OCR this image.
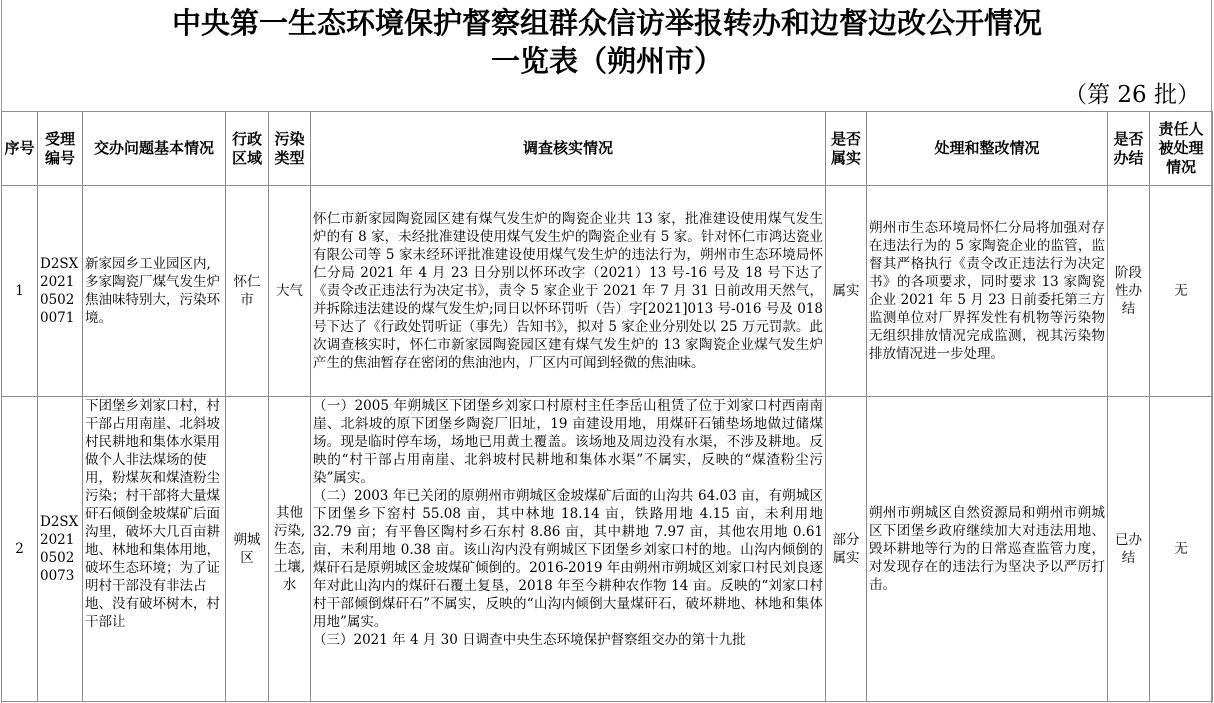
中央第一生态环境保护督察组群众信访举报转办和边督边改公开情况
一览表（朔州市）
（第 26 批）
序号	受理编号	交办问题基本情况	行政区域	污染类型	调查核实情况	是否属实	处理和整改情况	是否办结	责任人被处理情况
1	D2SX202105020071	新家园乡工业园区内,多家陶瓷厂煤气发生炉焦油味特别大，污染环境。	怀仁市	大气	怀仁市新家园陶瓷园区建有煤气发生炉的陶瓷企业共 13 家，批准建设使用煤气发生炉的有 8 家，未经批准建设使用煤气发生炉的陶瓷企业有 5 家。针对怀仁市鸿达瓷业有限公司等 5 家未经环评批准建设使用煤气发生炉的违法行为，朔州市生态环境局怀仁分局 2021 年 4 月 23 日分别以怀环改字（2021）13 号-16 号及 18 号下达了《责令改正违法行为决定书》，责令 5 家企业于 2021 年 7 月 31 日前改用天然气，并拆除违法建设的煤气发生炉;同日以怀环罚听（告）字[2021]013 号-016 号及 018 号下达了《行政处罚听证（事先）告知书》，拟对 5 家企业分别处以 25 万元罚款。此次调查核实时，怀仁市新家园陶瓷园区建有煤气发生炉的 13 家陶瓷企业煤气发生炉产生的焦油暂存在密闭的焦油池内，厂区内可闻到轻微的焦油味。	属实	朔州市生态环境局怀仁分局将加强对存在违法行为的 5 家陶瓷企业的监管，监督其严格执行《责令改正违法行为决定书》的各项要求，同时要求 13 家陶瓷企业 2021 年 5 月 23 日前委托第三方监测单位对厂界挥发性有机物等污染物无组织排放情况完成监测，视其污染物排放情况进一步处理。	阶段性办结	无
2	D2SX202105020073	下团堡乡刘家口村，村干部占用南崖、北斜坡村民耕地和集体水渠用做个人非法煤场的使用，粉煤灰和煤渣粉尘污染；村干部将大量煤矸石倾倒金坡煤矿后面沟里，破坏大几百亩耕地、林地和集体用地，破坏生态环境；为了证明村干部没有非法占地、没有破坏树木，村干部让	朔城区	其他污染,生态,土壤,水	（一）2005 年朔城区下团堡乡刘家口村原村主任李岳山租赁了位于刘家口村西南南崖、北斜坡的原下团堡乡陶瓷厂旧址，19 亩建设用地，用煤矸石铺垫场地做过储煤场。现是临时停车场，场地已用黄土覆盖。该场地及周边没有水渠，不涉及耕地。反映的“村干部占用南崖、北斜坡村民耕地和集体水渠”不属实，反映的“煤渣粉尘污染”属实。

（二）2003 年已关闭的原朔州市朔城区金坡煤矿后面的山沟共 64.03 亩，有朔城区下团堡乡下窑村 55.08 亩，其中林地 18.14 亩，铁路用地 4.15 亩，未利用地 32.79 亩；有平鲁区陶村乡石东村 8.86 亩，其中耕地 7.97 亩，其他农用地 0.61 亩，未利用地 0.38 亩。该山沟内没有朔城区下团堡乡刘家口村的地。山沟内倾倒的煤矸石是原朔城区金坡煤矿倾倒的。2016-2019 年由朔州市朔城区刘家口村民刘良逐年对此山沟内的煤矸石覆土复垦，2018 年至今耕种农作物 14 亩。反映的“刘家口村村干部倾倒煤矸石”不属实，反映的“山沟内倾倒大量煤矸石，破坏耕地、林地和集体用地”属实。

（三）2021 年 4 月 30 日调查中央生态环境保护督察组交办的第十九批	部分属实	朔州市朔城区自然资源局和朔州市朔城区下团堡乡政府继续加大对违法用地、毁坏耕地等行为的日常巡查监管力度，对发现存在的违法行为坚决予以严厉打击。	已办结	无
